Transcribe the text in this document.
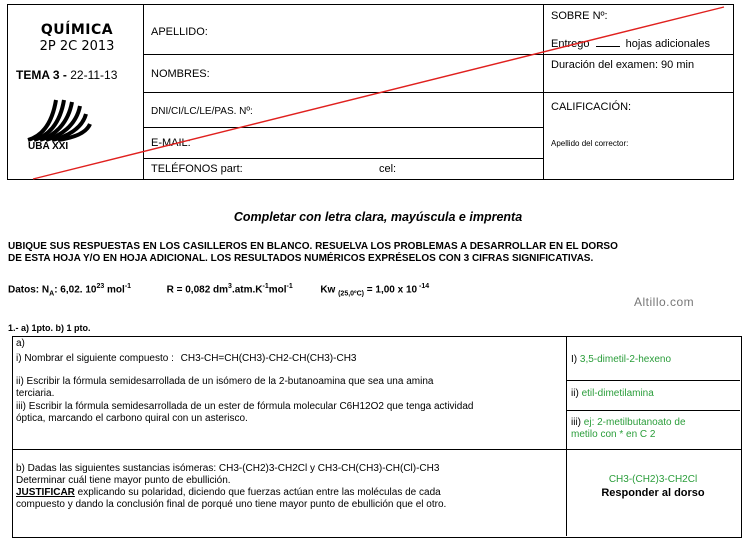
QUÍMICA
2P 2C 2013
TEMA 3 - 22-11-13
UBA XXI
APELLIDO:
NOMBRES:
DNI/CI/LC/LE/PAS. Nº:
E-MAIL:
TELÉFONOS part:	cel:
SOBRE Nº:
Entrego	hojas adicionales
Duración del examen: 90 min
CALIFICACIÓN:
Apellido del corrector:
Completar con letra clara, mayúscula e imprenta
UBIQUE SUS RESPUESTAS EN LOS CASILLEROS EN BLANCO. RESUELVA LOS PROBLEMAS A DESARROLLAR EN EL DORSO
DE ESTA HOJA Y/O EN HOJA ADICIONAL. LOS RESULTADOS NUMÉRICOS EXPRÉSELOS CON 3 CIFRAS SIGNIFICATIVAS.
Datos: $N_A$: 6,02. $10^{23}$ mol$^{-1}$	R = 0,082 $dm^3.atm.K^{-1}mol^{-1}$	Kw $_{(25,0ºC)}$ = 1,00 x 10 $^{-14}$
Altillo.com
1.- a) 1pto. b) 1 pto.
a)
i) Nombrar el siguiente compuesto : CH3-CH=CH(CH3)-CH2-CH(CH3)-CH3
ii) Escribir la fórmula semidesarrollada de un isómero de la 2-butanoamina que sea una amina
terciaria.
iii) Escribir la fórmula semidesarrollada de un ester de fórmula molecular C6H12O2 que tenga actividad
óptica, marcando el carbono quiral con un asterisco.
I) 3,5-dimetil-2-hexeno
ii) etil-dimetilamina
iii) ej: 2-metilbutanoato de
metilo con * en C 2
b) Dadas las siguientes sustancias isómeras: CH3-(CH2)3-CH2Cl y CH3-CH(CH3)-CH(Cl)-CH3
Determinar cuál tiene mayor punto de ebullición.
JUSTIFICAR explicando su polaridad, diciendo que fuerzas actúan entre las moléculas de cada
compuesto y dando la conclusión final de porqué uno tiene mayor punto de ebullición que el otro.
CH3-(CH2)3-CH2Cl
Responder al dorso
